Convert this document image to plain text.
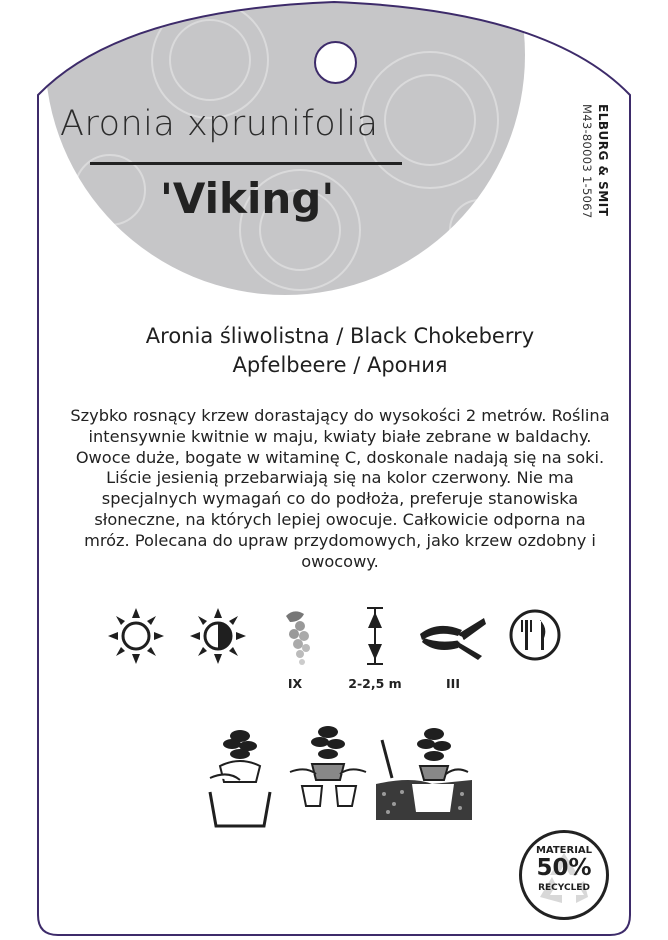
Aronia xprunifolia
'Viking'	ELBURG & SMIT
M43-80003 1-5067
Aronia śliwolistna / Black Chokeberry
Apfelbeere / Арония
Szybko rosnący krzew dorastający do wysokości 2 metrów. Roślina intensywnie kwitnie w maju, kwiaty białe zebrane w baldachy. Owoce duże, bogate w witaminę C, doskonale nadają się na soki. Liście jesienią przebarwiają się na kolor czerwony. Nie ma specjalnych wymagań co do podłoża, preferuje stanowiska słoneczne, na których lepiej owocuje. Całkowicie odporna na mróz. Polecana do upraw przydomowych, jako krzew ozdobny i owocowy.
IX	2-2,5 m	III
MATERIAL
50%
RECYCLED
